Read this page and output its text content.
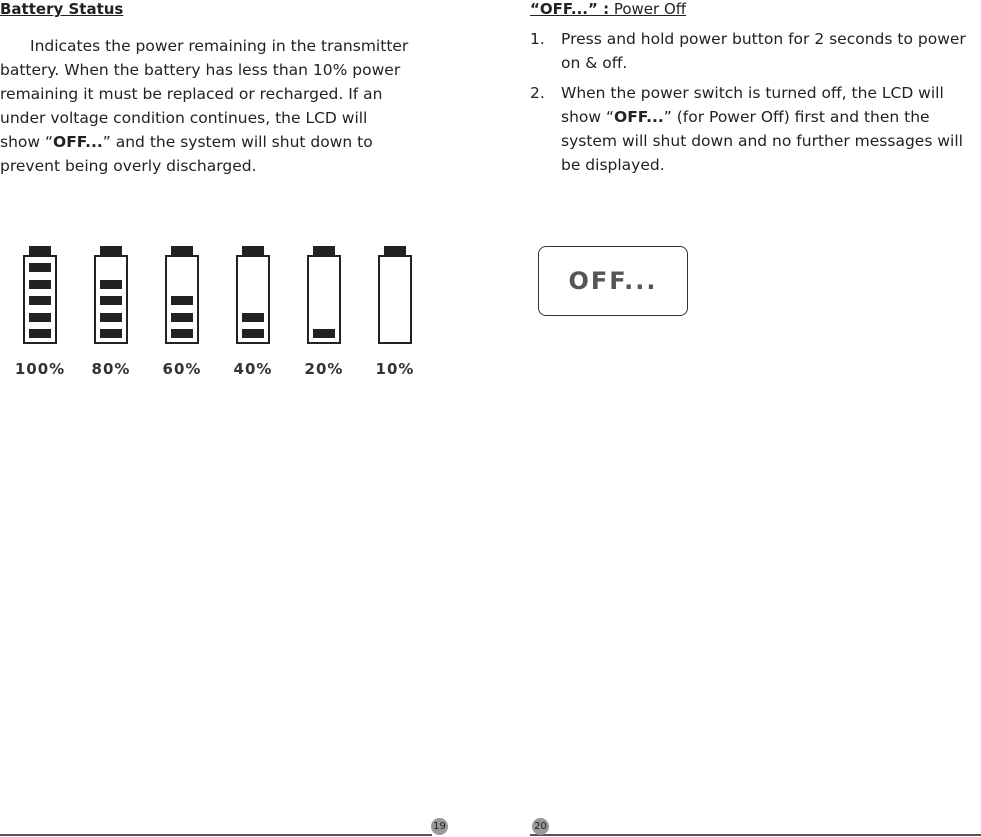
Battery Status

Indicates the power remaining in the transmitter
battery. When the battery has less than 10% power
remaining it must be replaced or recharged. If an
under voltage condition continues, the LCD will
show “OFF...” and the system will shut down to
prevent being overly discharged.

100%	80%	60%	40%	20%	10%
19

“OFF...” : Power Off

1. Press and hold power button for 2 seconds to power on & off.
2. When the power switch is turned off, the LCD will show “OFF...” (for Power Off) first and then the system will shut down and no further messages will be displayed.
OFF...
20
